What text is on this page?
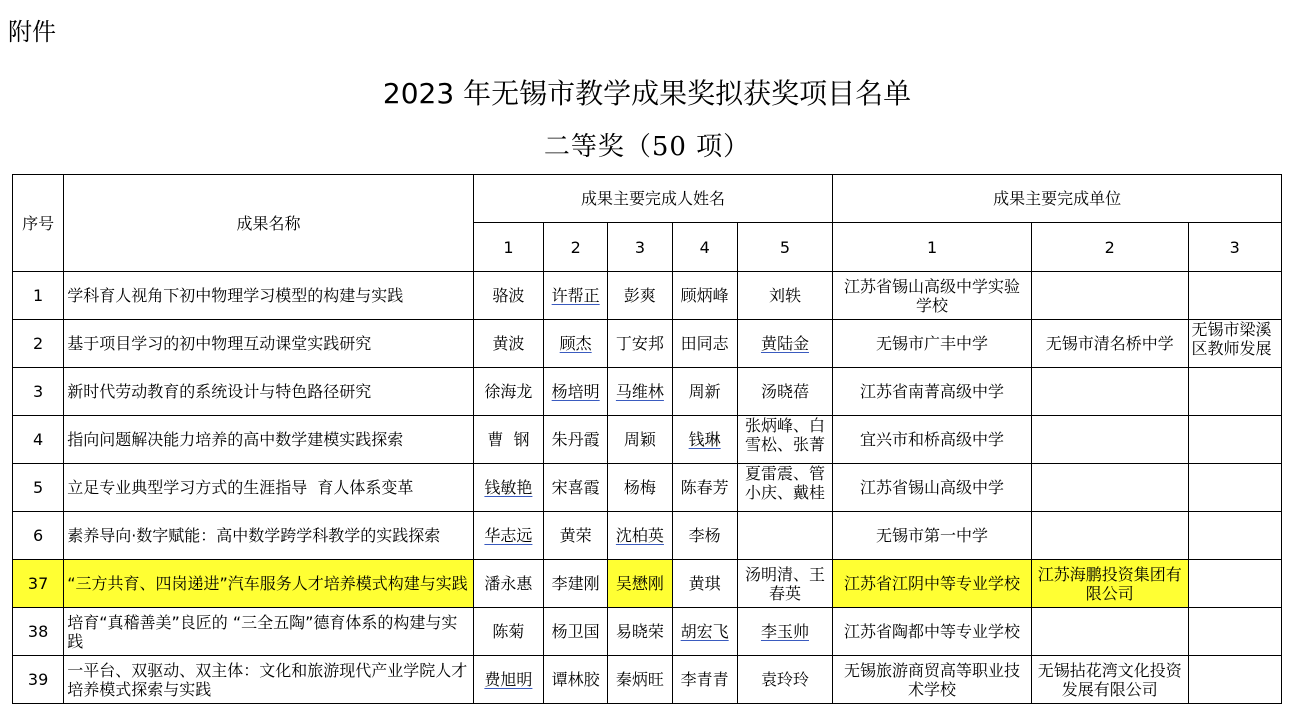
附件
2023 年无锡市教学成果奖拟获奖项目名单
二等奖（50 项）
序号	成果名称	成果主要完成人姓名					成果主要完成单位		
		1	2	3	4	5	1	2	3
1	学科育人视角下初中物理学习模型的构建与实践	骆波	许帮正	彭爽	顾炳峰	刘轶	江苏省锡山高级中学实验学校		
2	基于项目学习的初中物理互动课堂实践研究	黄波	顾杰	丁安邦	田同志	黄陆金	无锡市广丰中学	无锡市清名桥中学	无锡市梁溪区教师发展

3	新时代劳动教育的系统设计与特色路径研究	徐海龙	杨培明	马维林	周新	汤晓蓓	江苏省南菁高级中学		
4	指向问题解决能力培养的高中数学建模实践探索	曹  钢	朱丹霞	周颖	钱琳	张炳峰、白雪松、张菁	宜兴市和桥高级中学		
5	立足专业典型学习方式的生涯指导  育人体系变革	钱敏艳	宋喜霞	杨梅	陈春芳	夏雷震、管小庆、戴桂	江苏省锡山高级中学		
6	素养导向·数字赋能：高中数学跨学科教学的实践探索	华志远	黄荣	沈柏英	李杨		无锡市第一中学		
37	“三方共育、四岗递进”汽车服务人才培养模式构建与实践	潘永惠	李建刚	吴懋刚	黄琪	汤明清、王春英	江苏省江阴中等专业学校	江苏海鹏投资集团有限公司	
38	培育“真稽善美”良匠的 “三全五陶”德育体系的构建与实践	陈菊	杨卫国	易晓荣	胡宏飞	李玉帅	江苏省陶都中等专业学校		
39	一平台、双驱动、双主体：文化和旅游现代产业学院人才培养模式探索与实践	费旭明	谭林胶	秦炳旺	李青青	袁玲玲	无锡旅游商贸高等职业技术学校	无锡拈花湾文化投资发展有限公司	
